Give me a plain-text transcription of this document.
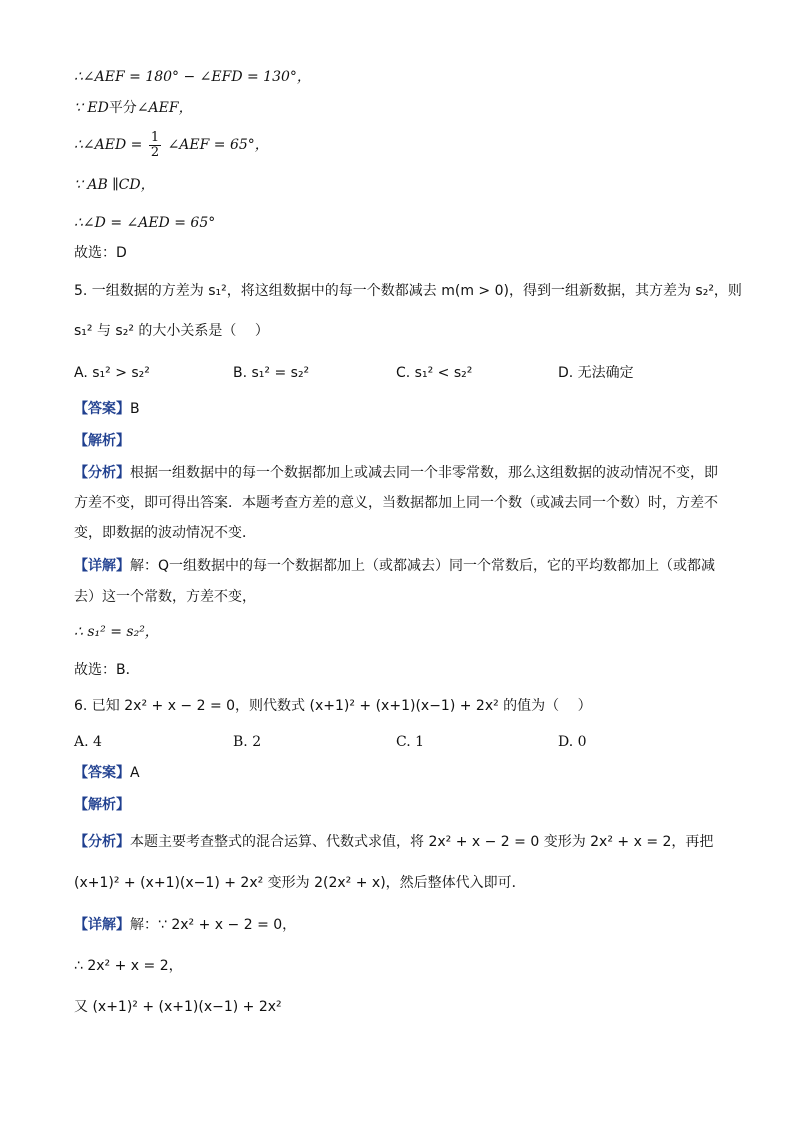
∴∠AEF = 180° − ∠EFD = 130°，
∵ ED平分∠AEF，
∴∠AED = $\frac{1}{2}$ ∠AEF = 65°，
∵ AB ∥CD，
∴∠D = ∠AED = 65°
故选：D
5. 一组数据的方差为 s₁²，将这组数据中的每一个数都减去 m(m > 0)，得到一组新数据，其方差为 s₂²，则
s₁² 与 s₂² 的大小关系是（　 ）
A. s₁² > s₂²	B. s₁² = s₂²	C. s₁² < s₂²	D. 无法确定
【答案】B
【解析】
【分析】根据一组数据中的每一个数据都加上或减去同一个非零常数，那么这组数据的波动情况不变，即
方差不变，即可得出答案．本题考查方差的意义，当数据都加上同一个数（或减去同一个数）时，方差不
变，即数据的波动情况不变．
【详解】解：Q一组数据中的每一个数据都加上（或都减去）同一个常数后，它的平均数都加上（或都减
去）这一个常数，方差不变，
∴ s₁² = s₂²，
故选：B．
6. 已知 2x² + x − 2 = 0，则代数式 (x+1)² + (x+1)(x−1) + 2x² 的值为（　 ）
A. 4	B. 2	C. 1	D. 0
【答案】A
【解析】
【分析】本题主要考查整式的混合运算、代数式求值，将 2x² + x − 2 = 0 变形为 2x² + x = 2，再把
(x+1)² + (x+1)(x−1) + 2x² 变形为 2(2x² + x)，然后整体代入即可．
【详解】解：∵ 2x² + x − 2 = 0，
∴ 2x² + x = 2，
又 (x+1)² + (x+1)(x−1) + 2x²
